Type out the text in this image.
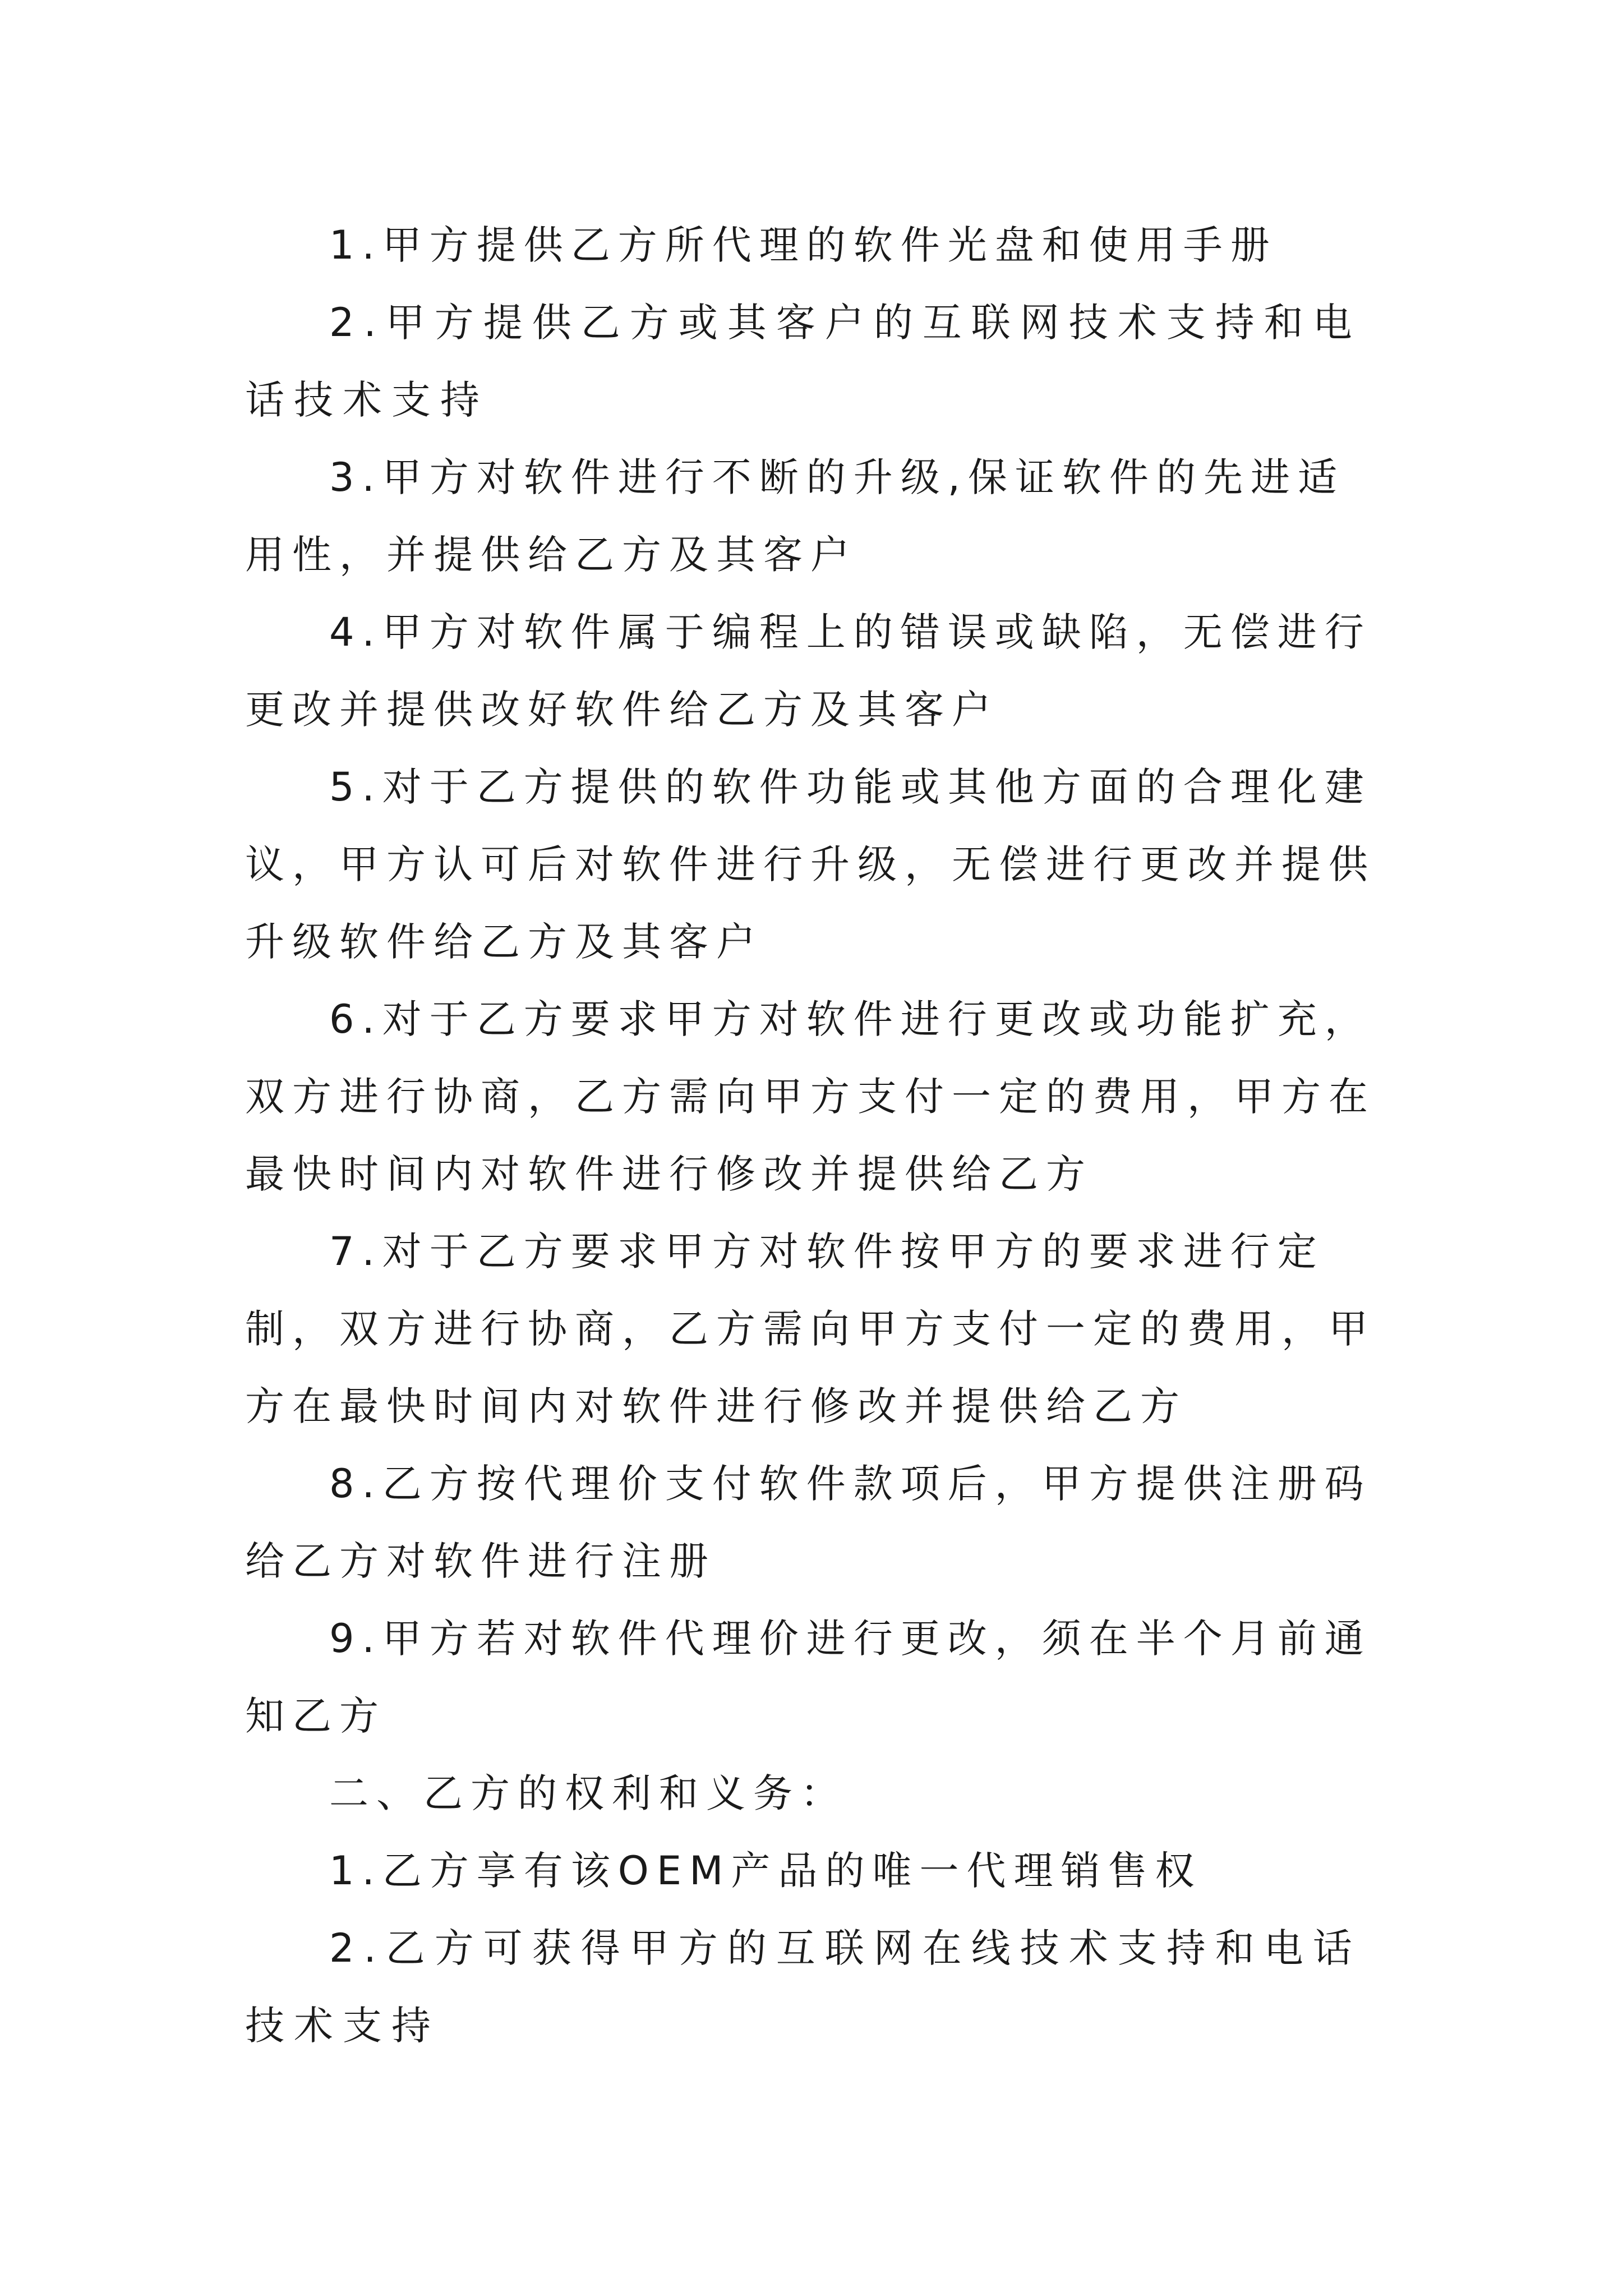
1.甲方提供乙方所代理的软件光盘和使用手册

2.甲方提供乙方或其客户的互联网技术支持和电话技术支持

3.甲方对软件进行不断的升级,保证软件的先进适用性，并提供给乙方及其客户

4.甲方对软件属于编程上的错误或缺陷，无偿进行更改并提供改好软件给乙方及其客户

5.对于乙方提供的软件功能或其他方面的合理化建议，甲方认可后对软件进行升级，无偿进行更改并提供升级软件给乙方及其客户

6.对于乙方要求甲方对软件进行更改或功能扩充，双方进行协商，乙方需向甲方支付一定的费用，甲方在最快时间内对软件进行修改并提供给乙方

7.对于乙方要求甲方对软件按甲方的要求进行定制，双方进行协商，乙方需向甲方支付一定的费用，甲方在最快时间内对软件进行修改并提供给乙方

8.乙方按代理价支付软件款项后，甲方提供注册码给乙方对软件进行注册

9.甲方若对软件代理价进行更改，须在半个月前通知乙方

二、乙方的权利和义务：

1.乙方享有该OEM产品的唯一代理销售权

2.乙方可获得甲方的互联网在线技术支持和电话技术支持
